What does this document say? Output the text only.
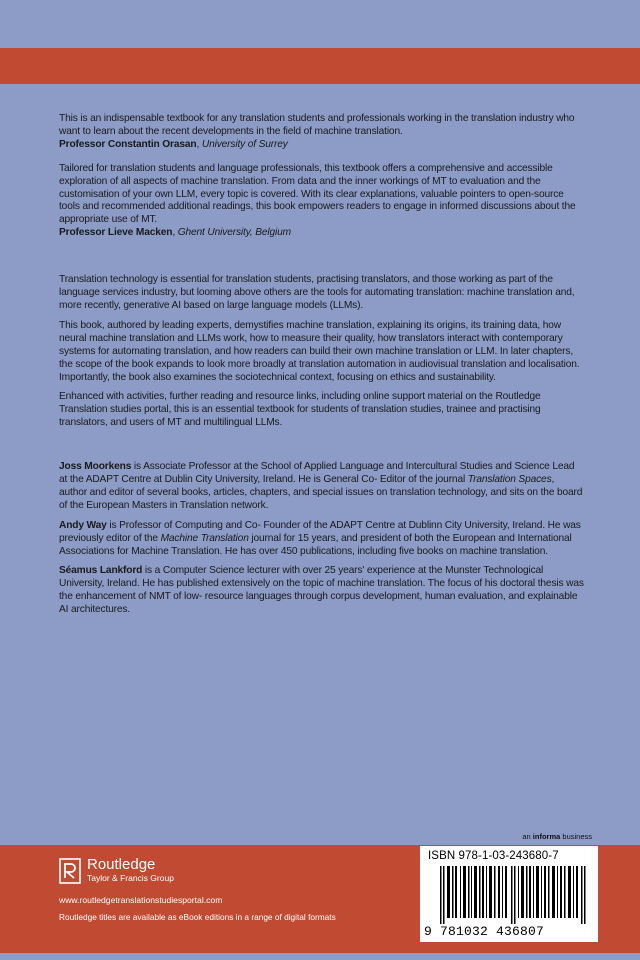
This is an indispensable textbook for any translation students and professionals working in the translation industry who want to learn about the recent developments in the field of machine translation.

Professor Constantin Orasan, University of Surrey

Tailored for translation students and language professionals, this textbook offers a comprehensive and accessible exploration of all aspects of machine translation. From data and the inner workings of MT to evaluation and the customisation of your own LLM, every topic is covered. With its clear explanations, valuable pointers to open-source tools and recommended additional readings, this book empowers readers to engage in informed discussions about the appropriate use of MT.

Professor Lieve Macken, Ghent University, Belgium

Translation technology is essential for translation students, practising translators, and those working as part of the language services industry, but looming above others are the tools for automating translation: machine translation and, more recently, generative AI based on large language models (LLMs).

This book, authored by leading experts, demystifies machine translation, explaining its origins, its training data, how neural machine translation and LLMs work, how to measure their quality, how translators interact with contemporary systems for automating translation, and how readers can build their own machine translation or LLM. In later chapters, the scope of the book expands to look more broadly at translation automation in audiovisual translation and localisation. Importantly, the book also examines the sociotechnical context, focusing on ethics and sustainability.

Enhanced with activities, further reading and resource links, including online support material on the Routledge Translation studies portal, this is an essential textbook for students of translation studies, trainee and practising translators, and users of MT and multilingual LLMs.

Joss Moorkens is Associate Professor at the School of Applied Language and Intercultural Studies and Science Lead at the ADAPT Centre at Dublin City University, Ireland. He is General Co- Editor of the journal Translation Spaces, author and editor of several books, articles, chapters, and special issues on translation technology, and sits on the board of the European Masters in Translation network.

Andy Way is Professor of Computing and Co- Founder of the ADAPT Centre at Dublinn City University, Ireland. He was previously editor of the Machine Translation journal for 15 years, and president of both the European and International Associations for Machine Translation. He has over 450 publications, including five books on machine translation.

Séamus Lankford is a Computer Science lecturer with over 25 years' experience at the Munster Technological University, Ireland. He has published extensively on the topic of machine translation. The focus of his doctoral thesis was the enhancement of NMT of low- resource languages through corpus development, human evaluation, and explainable AI architectures.

an informa business
Routledge
Taylor & Francis Group
www.routledgetranslationstudiesportal.com
Routledge titles are available as eBook editions in a range of digital formats
ISBN 978-1-03-243680-7
9 781032 436807
